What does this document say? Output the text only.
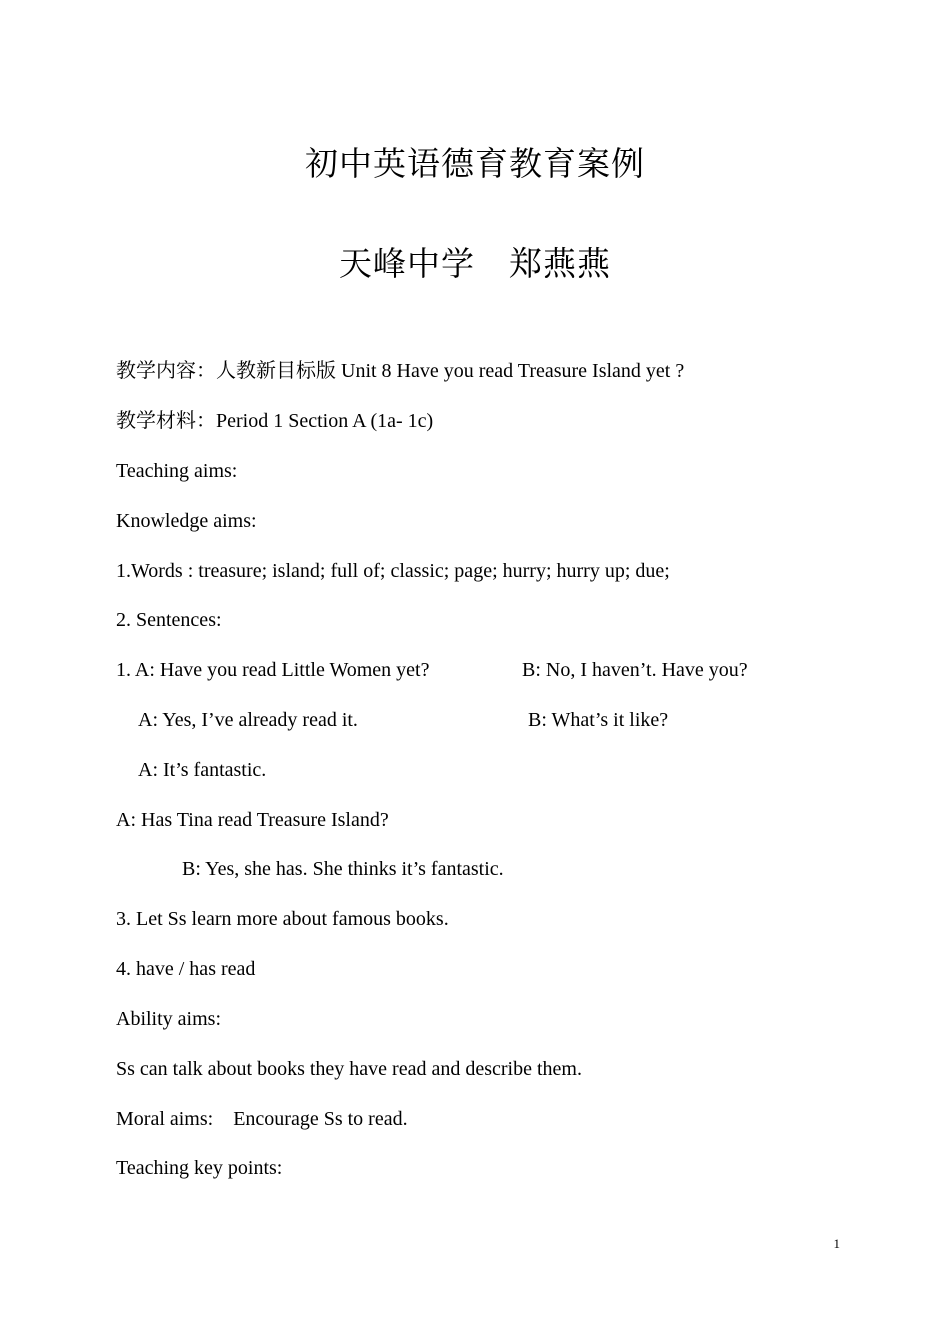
初中英语德育教育案例
天峰中学　郑燕燕
教学内容：人教新目标版 Unit 8 Have you read Treasure Island yet ?
教学材料：Period 1 Section A (1a- 1c)
Teaching aims:
Knowledge aims:
1.Words : treasure; island; full of; classic; page; hurry; hurry up; due;
2. Sentences:
1. A: Have you read Little Women yet?	B: No, I haven’t. Have you?
A: Yes, I’ve already read it.	B: What’s it like?
A: It’s fantastic.
A: Has Tina read Treasure Island?
B: Yes, she has. She thinks it’s fantastic.
3. Let Ss learn more about famous books.
4. have / has read
Ability aims:
Ss can talk about books they have read and describe them.
Moral aims:　Encourage Ss to read.
Teaching key points:
1
